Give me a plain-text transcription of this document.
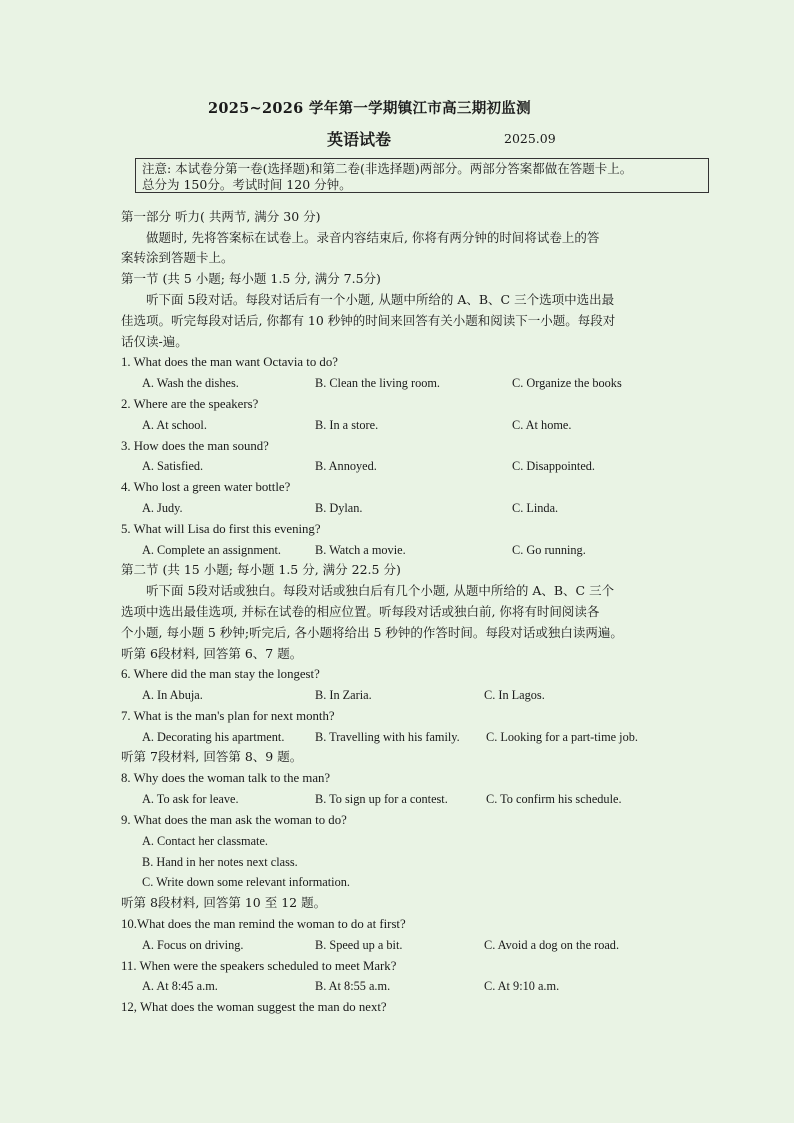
2025~2026 学年第一学期镇江市高三期初监测
英语试卷	2025.09
注意: 本试卷分第一卷(选择题)和第二卷(非选择题)两部分。两部分答案都做在答题卡上。
总分为 150分。考试时间 120 分钟。
第一部分 听力( 共两节, 满分 30 分)
做题时, 先将答案标在试卷上。录音内容结束后, 你将有两分钟的时间将试卷上的答
案转涂到答题卡上。
第一节 (共 5 小题; 每小题 1.5 分, 满分 7.5分)
听下面 5段对话。每段对话后有一个小题, 从题中所给的 A、B、C 三个选项中选出最
佳选项。听完每段对话后, 你都有 10 秒钟的时间来回答有关小题和阅读下一小题。每段对
话仅读-遍。
1. What does the man want Octavia to do?
A. Wash the dishes.	B. Clean the living room.	C. Organize the books
2. Where are the speakers?
A. At school.	B. In a store.	C. At home.
3. How does the man sound?
A. Satisfied.	B. Annoyed.	C. Disappointed.
4. Who lost a green water bottle?
A. Judy.	B. Dylan.	C. Linda.
5. What will Lisa do first this evening?
A. Complete an assignment.	B. Watch a movie.	C. Go running.
第二节 (共 15 小题; 每小题 1.5 分, 满分 22.5 分)
听下面 5段对话或独白。每段对话或独白后有几个小题, 从题中所给的 A、B、C 三个
选项中选出最佳选项, 并标在试卷的相应位置。听每段对话或独白前, 你将有时间阅读各
个小题, 每小题 5 秒钟;听完后, 各小题将给出 5 秒钟的作答时间。每段对话或独白读两遍。
听第 6段材料, 回答第 6、7 题。
6. Where did the man stay the longest?
A. In Abuja.	B. In Zaria.	C. In Lagos.
7. What is the man's plan for next month?
A. Decorating his apartment. B. Travelling with his family. C. Looking for a part-time job.
听第 7段材料, 回答第 8、9 题。
8. Why does the woman talk to the man?
A. To ask for leave.	B. To sign up for a contest.	C. To confirm his schedule.
9. What does the man ask the woman to do?
A. Contact her classmate.
B. Hand in her notes next class.
C. Write down some relevant information.
听第 8段材料, 回答第 10 至 12 题。
10.What does the man remind the woman to do at first?
A. Focus on driving.	B. Speed up a bit.	C. Avoid a dog on the road.
11. When were the speakers scheduled to meet Mark?
A. At 8:45 a.m.	B. At 8:55 a.m.	C. At 9:10 a.m.
12, What does the woman suggest the man do next?
